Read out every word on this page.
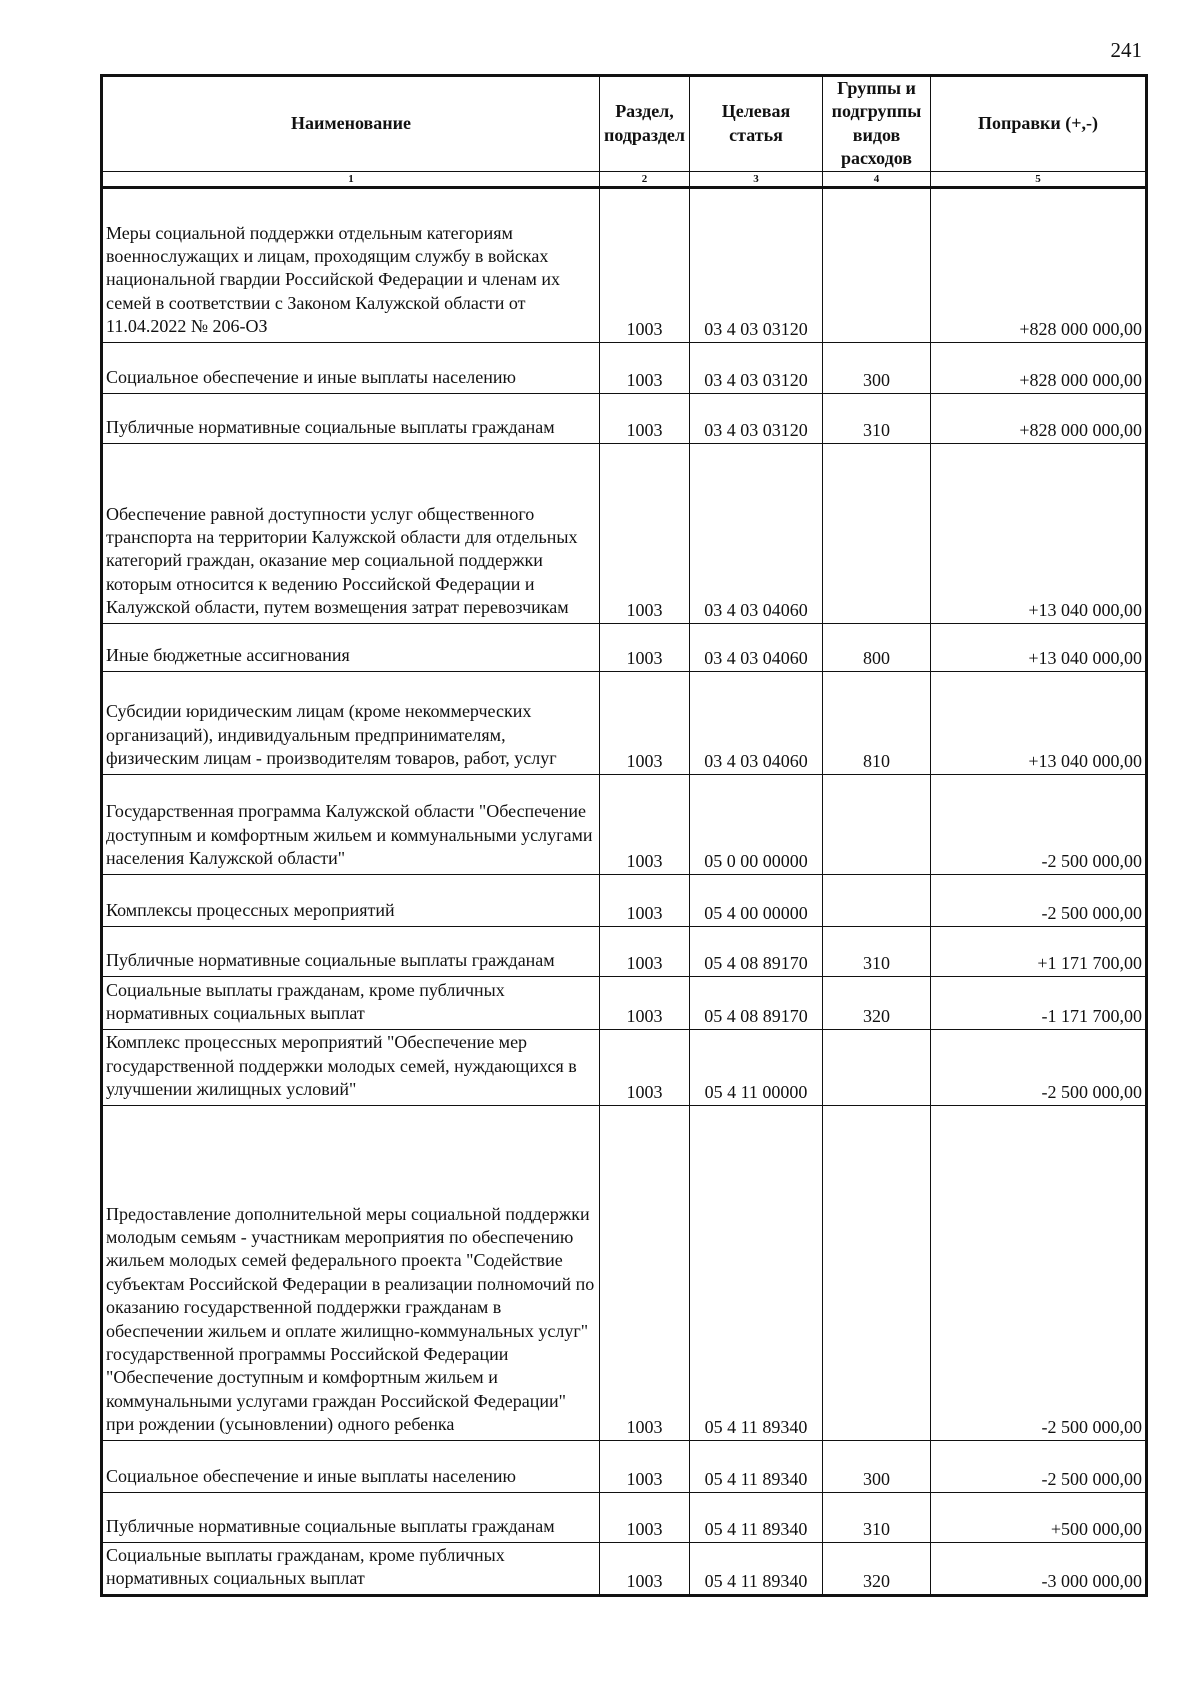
241
Наименование	Раздел, подраздел	Целевая статья	Группы и подгруппы видов расходов	Поправки (+,-)
1	2	3	4	5
Меры социальной поддержки отдельным категориям военнослужащих и лицам, проходящим службу в войсках национальной гвардии Российской Федерации и членам их семей в соответствии с Законом Калужской области от 11.04.2022 № 206-ОЗ	1003	03 4 03 03120		+828 000 000,00
Социальное обеспечение и иные выплаты населению	1003	03 4 03 03120	300	+828 000 000,00
Публичные нормативные социальные выплаты гражданам	1003	03 4 03 03120	310	+828 000 000,00
Обеспечение равной доступности услуг общественного транспорта на территории Калужской области для отдельных категорий граждан, оказание мер социальной поддержки которым относится к ведению Российской Федерации и Калужской области, путем возмещения затрат перевозчикам	1003	03 4 03 04060		+13 040 000,00
Иные бюджетные ассигнования	1003	03 4 03 04060	800	+13 040 000,00
Субсидии юридическим лицам (кроме некоммерческих организаций), индивидуальным предпринимателям, физическим лицам - производителям товаров, работ, услуг	1003	03 4 03 04060	810	+13 040 000,00
Государственная программа Калужской области "Обеспечение доступным и комфортным жильем и коммунальными услугами населения Калужской области"	1003	05 0 00 00000		-2 500 000,00
Комплексы процессных мероприятий	1003	05 4 00 00000		-2 500 000,00
Публичные нормативные социальные выплаты гражданам	1003	05 4 08 89170	310	+1 171 700,00
Социальные выплаты гражданам, кроме публичных нормативных социальных выплат	1003	05 4 08 89170	320	-1 171 700,00
Комплекс процессных мероприятий "Обеспечение мер государственной поддержки молодых семей, нуждающихся в улучшении жилищных условий"	1003	05 4 11 00000		-2 500 000,00
Предоставление дополнительной меры социальной поддержки молодым семьям - участникам мероприятия по обеспечению жильем молодых семей федерального проекта "Содействие субъектам Российской Федерации в реализации полномочий по оказанию государственной поддержки гражданам в обеспечении жильем и оплате жилищно-коммунальных услуг" государственной программы Российской Федерации "Обеспечение доступным и комфортным жильем и коммунальными услугами граждан Российской Федерации" при рождении (усыновлении) одного ребенка	1003	05 4 11 89340		-2 500 000,00
Социальное обеспечение и иные выплаты населению	1003	05 4 11 89340	300	-2 500 000,00
Публичные нормативные социальные выплаты гражданам	1003	05 4 11 89340	310	+500 000,00
Социальные выплаты гражданам, кроме публичных нормативных социальных выплат	1003	05 4 11 89340	320	-3 000 000,00
